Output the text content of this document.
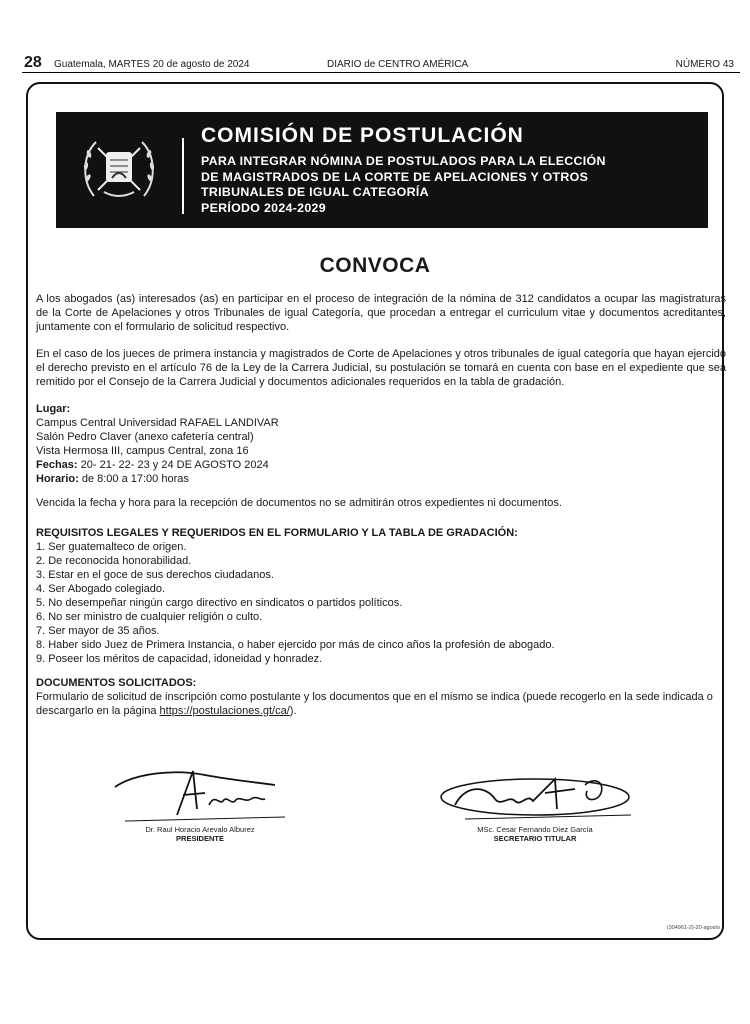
28 Guatemala, MARTES 20 de agosto de 2024	DIARIO de CENTRO AMÉRICA	NÚMERO 43
COMISIÓN DE POSTULACIÓN
PARA INTEGRAR NÓMINA DE POSTULADOS PARA LA ELECCIÓN
DE MAGISTRADOS DE LA CORTE DE APELACIONES Y OTROS
TRIBUNALES DE IGUAL CATEGORÍA
PERÍODO 2024-2029
CONVOCA
A los abogados (as) interesados (as) en participar en el proceso de integración de la nómina de 312 candidatos a ocupar las magistraturas de la Corte de Apelaciones y otros Tribunales de igual Categoría, que procedan a entregar el curriculum vitae y documentos acreditantes, juntamente con el formulario de solicitud respectivo.
En el caso de los jueces de primera instancia y magistrados de Corte de Apelaciones y otros tribunales de igual categoría que hayan ejercido el derecho previsto en el artículo 76 de la Ley de la Carrera Judicial, su postulación se tomará en cuenta con base en el expediente que sea remitido por el Consejo de la Carrera Judicial y documentos adicionales requeridos en la tabla de gradación.
Lugar:
Campus Central Universidad RAFAEL LANDIVAR
Salón Pedro Claver (anexo cafetería central)
Vista Hermosa III, campus Central, zona 16
Fechas: 20- 21- 22- 23 y 24 DE AGOSTO 2024
Horario: de 8:00 a 17:00 horas
Vencida la fecha y hora para la recepción de documentos no se admitirán otros expedientes ni documentos.
REQUISITOS LEGALES Y REQUERIDOS EN EL FORMULARIO Y LA TABLA DE GRADACIÓN:
1. Ser guatemalteco de origen.
2. De reconocida honorabilidad.
3. Estar en el goce de sus derechos ciudadanos.
4. Ser Abogado colegiado.
5. No desempeñar ningún cargo directivo en sindicatos o partidos políticos.
6. No ser ministro de cualquier religión o culto.
7. Ser mayor de 35 años.
8. Haber sido Juez de Primera Instancia, o haber ejercido por más de cinco años la profesión de abogado.
9. Poseer los méritos de capacidad, idoneidad y honradez.
DOCUMENTOS SOLICITADOS:
Formulario de solicitud de inscripción como postulante y los documentos que en el mismo se indica (puede recogerlo en la sede indicada o descargarlo en la página https://postulaciones.gt/ca/).
Dr. Raul Horacio Arevalo Alburez
PRESIDENTE
MSc. Cesar Fernando Díez García
SECRETARIO TITULAR
(304961-2)-20-agosto
